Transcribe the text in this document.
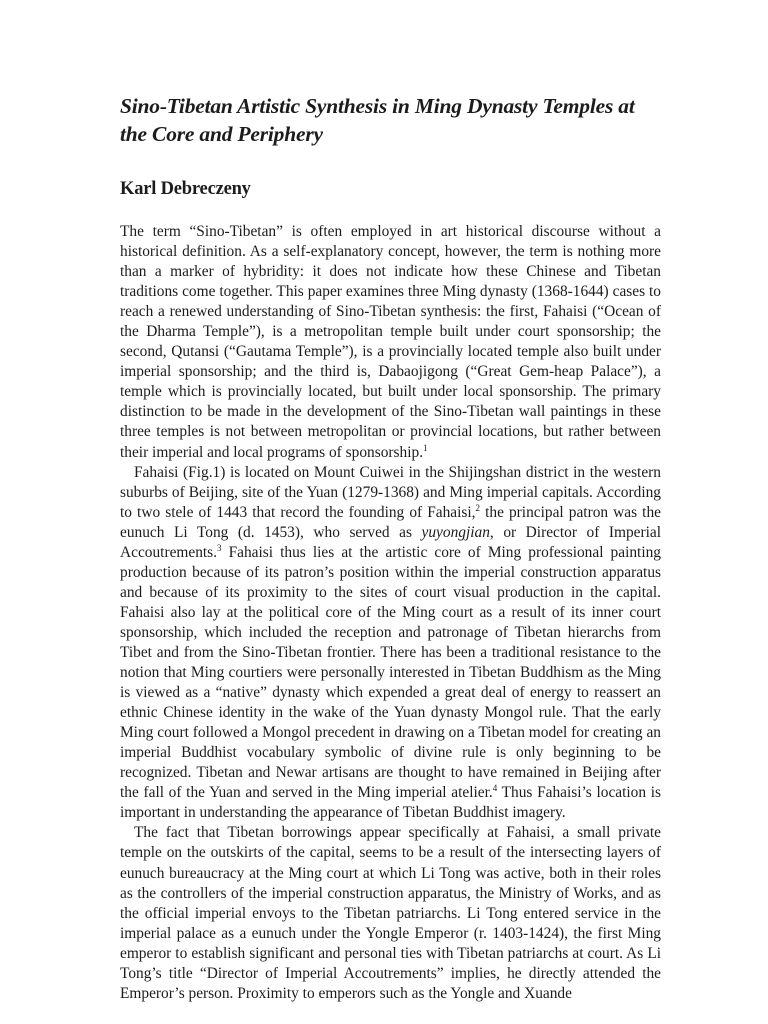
Sino-Tibetan Artistic Synthesis in Ming Dynasty Temples at the Core and Periphery
Karl Debreczeny

The term “Sino-Tibetan” is often employed in art historical discourse without a historical definition. As a self-explanatory concept, however, the term is nothing more than a marker of hybridity: it does not indicate how these Chinese and Tibetan traditions come together. This paper examines three Ming dynasty (1368-1644) cases to reach a renewed understanding of Sino-Tibetan synthesis: the first, Fahaisi (“Ocean of the Dharma Temple”), is a metropolitan temple built under court sponsorship; the second, Qutansi (“Gautama Temple”), is a provincially located temple also built under imperial sponsorship; and the third is, Dabaojigong (“Great Gem-heap Palace”), a temple which is provincially located, but built under local sponsorship. The primary distinction to be made in the development of the Sino-Tibetan wall paintings in these three temples is not between metropolitan or provincial locations, but rather between their imperial and local programs of sponsorship.$^1$

Fahaisi (Fig.1) is located on Mount Cuiwei in the Shijingshan district in the western suburbs of Beijing, site of the Yuan (1279-1368) and Ming imperial capitals. According to two stele of 1443 that record the founding of Fahaisi,$^2$ the principal patron was the eunuch Li Tong (d. 1453), who served as yuyongjian, or Director of Imperial Accoutrements.$^3$ Fahaisi thus lies at the artistic core of Ming professional painting production because of its patron’s position within the imperial construction apparatus and because of its proximity to the sites of court visual production in the capital. Fahaisi also lay at the political core of the Ming court as a result of its inner court sponsorship, which included the reception and patronage of Tibetan hierarchs from Tibet and from the Sino-Tibetan frontier. There has been a traditional resistance to the notion that Ming courtiers were personally interested in Tibetan Buddhism as the Ming is viewed as a “native” dynasty which expended a great deal of energy to reassert an ethnic Chinese identity in the wake of the Yuan dynasty Mongol rule. That the early Ming court followed a Mongol precedent in drawing on a Tibetan model for creating an imperial Buddhist vocabulary symbolic of divine rule is only beginning to be recognized. Tibetan and Newar artisans are thought to have remained in Beijing after the fall of the Yuan and served in the Ming imperial atelier.$^4$ Thus Fahaisi’s location is important in understanding the appearance of Tibetan Buddhist imagery.

The fact that Tibetan borrowings appear specifically at Fahaisi, a small private temple on the outskirts of the capital, seems to be a result of the intersecting layers of eunuch bureaucracy at the Ming court at which Li Tong was active, both in their roles as the controllers of the imperial construction apparatus, the Ministry of Works, and as the official imperial envoys to the Tibetan patriarchs. Li Tong entered service in the imperial palace as a eunuch under the Yongle Emperor (r. 1403-1424), the first Ming emperor to establish significant and personal ties with Tibetan patriarchs at court. As Li Tong’s title “Director of Imperial Accoutrements” implies, he directly attended the Emperor’s person. Proximity to emperors such as the Yongle and Xuande
